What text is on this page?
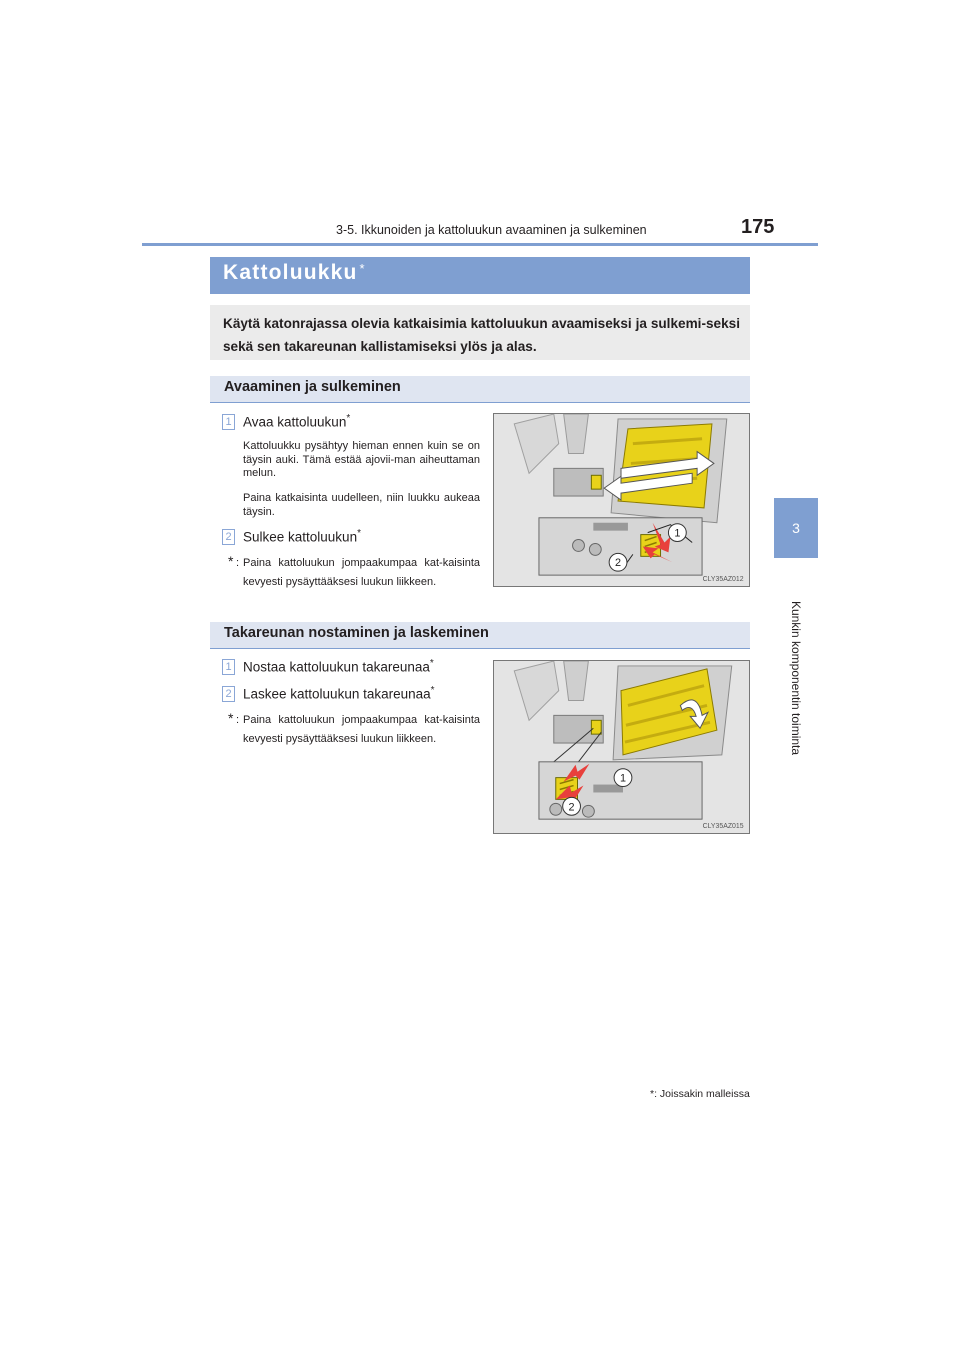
3-5. Ikkunoiden ja kattoluukun avaaminen ja sulkeminen	175
3
Kunkin komponentin toiminta
Kattoluukku *
Käytä katonrajassa olevia katkaisimia kattoluukun avaamiseksi ja sulkemi-seksi sekä sen takareunan kallistamiseksi ylös ja alas.
Avaaminen ja sulkeminen
1 Avaa kattoluukun*
Kattoluukku pysähtyy hieman ennen kuin se on täysin auki. Tämä estää ajovii-man aiheuttaman melun.
Paina katkaisinta uudelleen, niin luukku aukeaa täysin.
2 Sulkee kattoluukun*
* : Paina kattoluukun jompaakumpaa kat-kaisinta kevyesti pysäyttääksesi luukun liikkeen.
1
2
CLY35AZ012
Takareunan nostaminen ja laskeminen
1 Nostaa kattoluukun takareunaa*
2 Laskee kattoluukun takareunaa*
* : Paina kattoluukun jompaakumpaa kat-kaisinta kevyesti pysäyttääksesi luukun liikkeen.
1
2
CLY35AZ015
*: Joissakin malleissa
